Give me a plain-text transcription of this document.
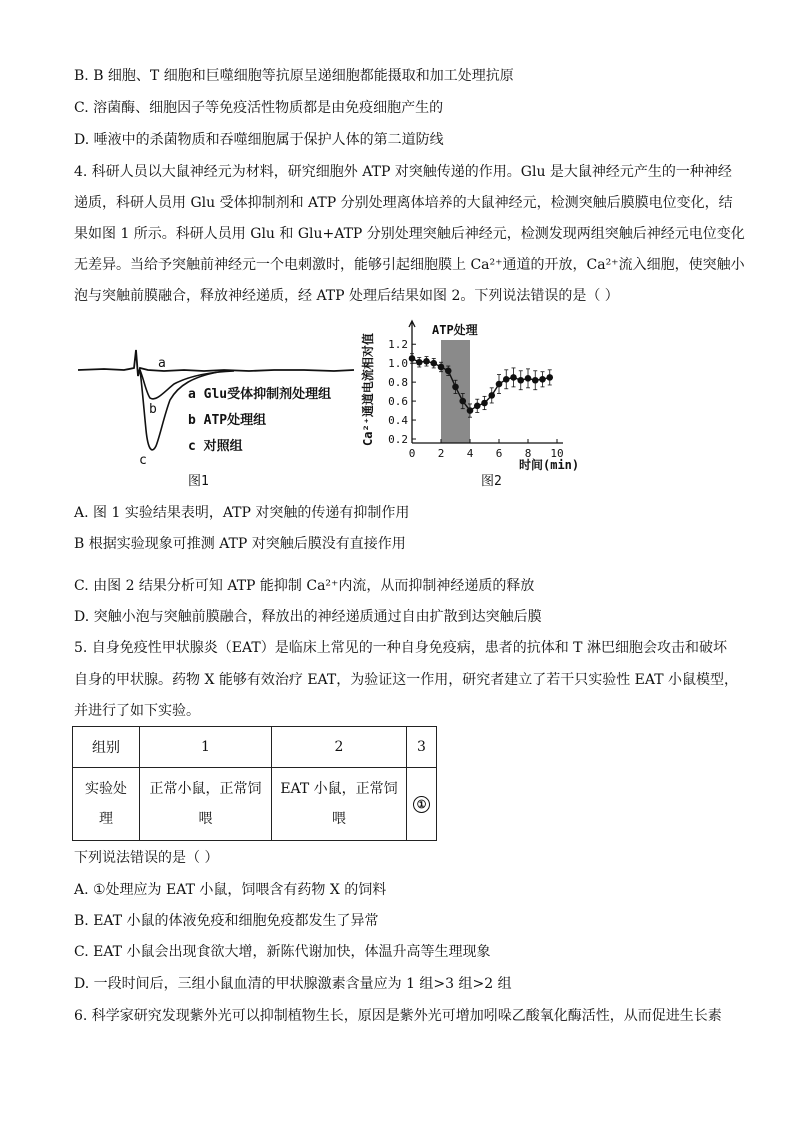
B. B 细胞、T 细胞和巨噬细胞等抗原呈递细胞都能摄取和加工处理抗原
C. 溶菌酶、细胞因子等免疫活性物质都是由免疫细胞产生的
D. 唾液中的杀菌物质和吞噬细胞属于保护人体的第二道防线
4. 科研人员以大鼠神经元为材料，研究细胞外 ATP 对突触传递的作用。Glu 是大鼠神经元产生的一种神经
递质，科研人员用 Glu 受体抑制剂和 ATP 分别处理离体培养的大鼠神经元，检测突触后膜膜电位变化，结
果如图 1 所示。科研人员用 Glu 和 Glu+ATP 分别处理突触后神经元，检测发现两组突触后神经元电位变化
无差异。当给予突触前神经元一个电刺激时，能够引起细胞膜上 Ca²⁺通道的开放，Ca²⁺流入细胞，使突触小
泡与突触前膜融合，释放神经递质，经 ATP 处理后结果如图 2。下列说法错误的是（ ）
a
b
c
a Glu受体抑制剂处理组
b ATP处理组
c 对照组
图1
0.2
0.4
0.6
0.8
1.0
1.2
0 2 4 6 8 10
Ca²⁺通道电流相对值
ATP处理
时间(min)
图2
A. 图 1 实验结果表明，ATP 对突触的传递有抑制作用
B 根据实验现象可推测 ATP 对突触后膜没有直接作用
C. 由图 2 结果分析可知 ATP 能抑制 Ca²⁺内流，从而抑制神经递质的释放
D. 突触小泡与突触前膜融合，释放出的神经递质通过自由扩散到达突触后膜
5. 自身免疫性甲状腺炎（EAT）是临床上常见的一种自身免疫病，患者的抗体和 T 淋巴细胞会攻击和破坏
自身的甲状腺。药物 X 能够有效治疗 EAT，为验证这一作用，研究者建立了若干只实验性 EAT 小鼠模型，
并进行了如下实验。
组别	1	2	3
实验处理	正常小鼠，正常饲喂	EAT 小鼠，正常饲喂	①
下列说法错误的是（ ）
A. ①处理应为 EAT 小鼠，饲喂含有药物 X 的饲料
B. EAT 小鼠的体液免疫和细胞免疫都发生了异常
C. EAT 小鼠会出现食欲大增，新陈代谢加快，体温升高等生理现象
D. 一段时间后，三组小鼠血清的甲状腺激素含量应为 1 组>3 组>2 组
6. 科学家研究发现紫外光可以抑制植物生长，原因是紫外光可增加吲哚乙酸氧化酶活性，从而促进生长素
